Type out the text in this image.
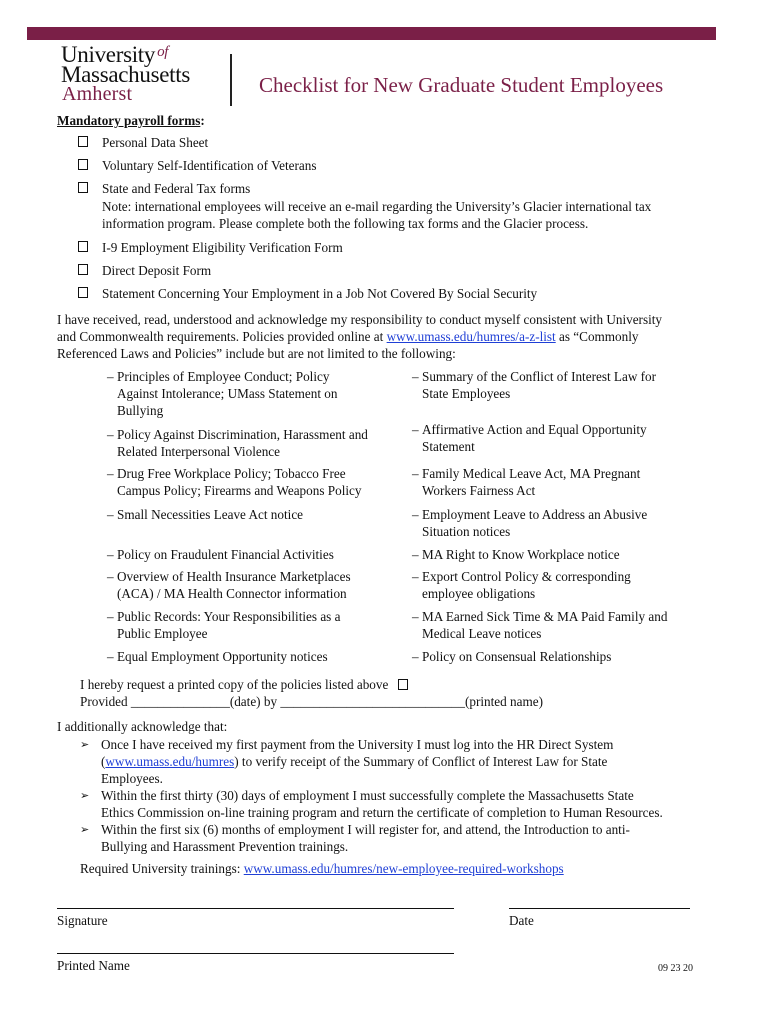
University $^{of}$
Massachusetts
Amherst	Checklist for New Graduate Student Employees
Mandatory payroll forms:
Personal Data Sheet
Voluntary Self-Identification of Veterans
State and Federal Tax forms
Note: international employees will receive an e-mail regarding the University’s Glacier international tax
information program. Please complete both the following tax forms and the Glacier process.
I-9 Employment Eligibility Verification Form
Direct Deposit Form
Statement Concerning Your Employment in a Job Not Covered By Social Security
I have received, read, understood and acknowledge my responsibility to conduct myself consistent with University
and Commonwealth requirements. Policies provided online at www.umass.edu/humres/a-z-list as “Commonly
Referenced Laws and Policies” include but are not limited to the following:
– Principles of Employee Conduct; Policy
Against Intolerance; UMass Statement on
Bullying
– Policy Against Discrimination, Harassment and
Related Interpersonal Violence
– Drug Free Workplace Policy; Tobacco Free
Campus Policy; Firearms and Weapons Policy
– Small Necessities Leave Act notice
– Policy on Fraudulent Financial Activities
– Overview of Health Insurance Marketplaces
(ACA) / MA Health Connector information
– Public Records: Your Responsibilities as a
Public Employee
– Equal Employment Opportunity notices
– Summary of the Conflict of Interest Law for
State Employees
– Affirmative Action and Equal Opportunity
Statement
– Family Medical Leave Act, MA Pregnant
Workers Fairness Act
– Employment Leave to Address an Abusive
Situation notices
– MA Right to Know Workplace notice
– Export Control Policy & corresponding
employee obligations
– MA Earned Sick Time & MA Paid Family and
Medical Leave notices
– Policy on Consensual Relationships
I hereby request a printed copy of the policies listed above
Provided _______________(date) by ____________________________(printed name)
I additionally acknowledge that:
➢ Once I have received my first payment from the University I must log into the HR Direct System
(www.umass.edu/humres) to verify receipt of the Summary of Conflict of Interest Law for State
Employees.
➢ Within the first thirty (30) days of employment I must successfully complete the Massachusetts State
Ethics Commission on-line training program and return the certificate of completion to Human Resources.
➢ Within the first six (6) months of employment I will register for, and attend, the Introduction to anti-
Bullying and Harassment Prevention trainings.
Required University trainings: www.umass.edu/humres/new-employee-required-workshops
Signature	Date
Printed Name	09 23 20
